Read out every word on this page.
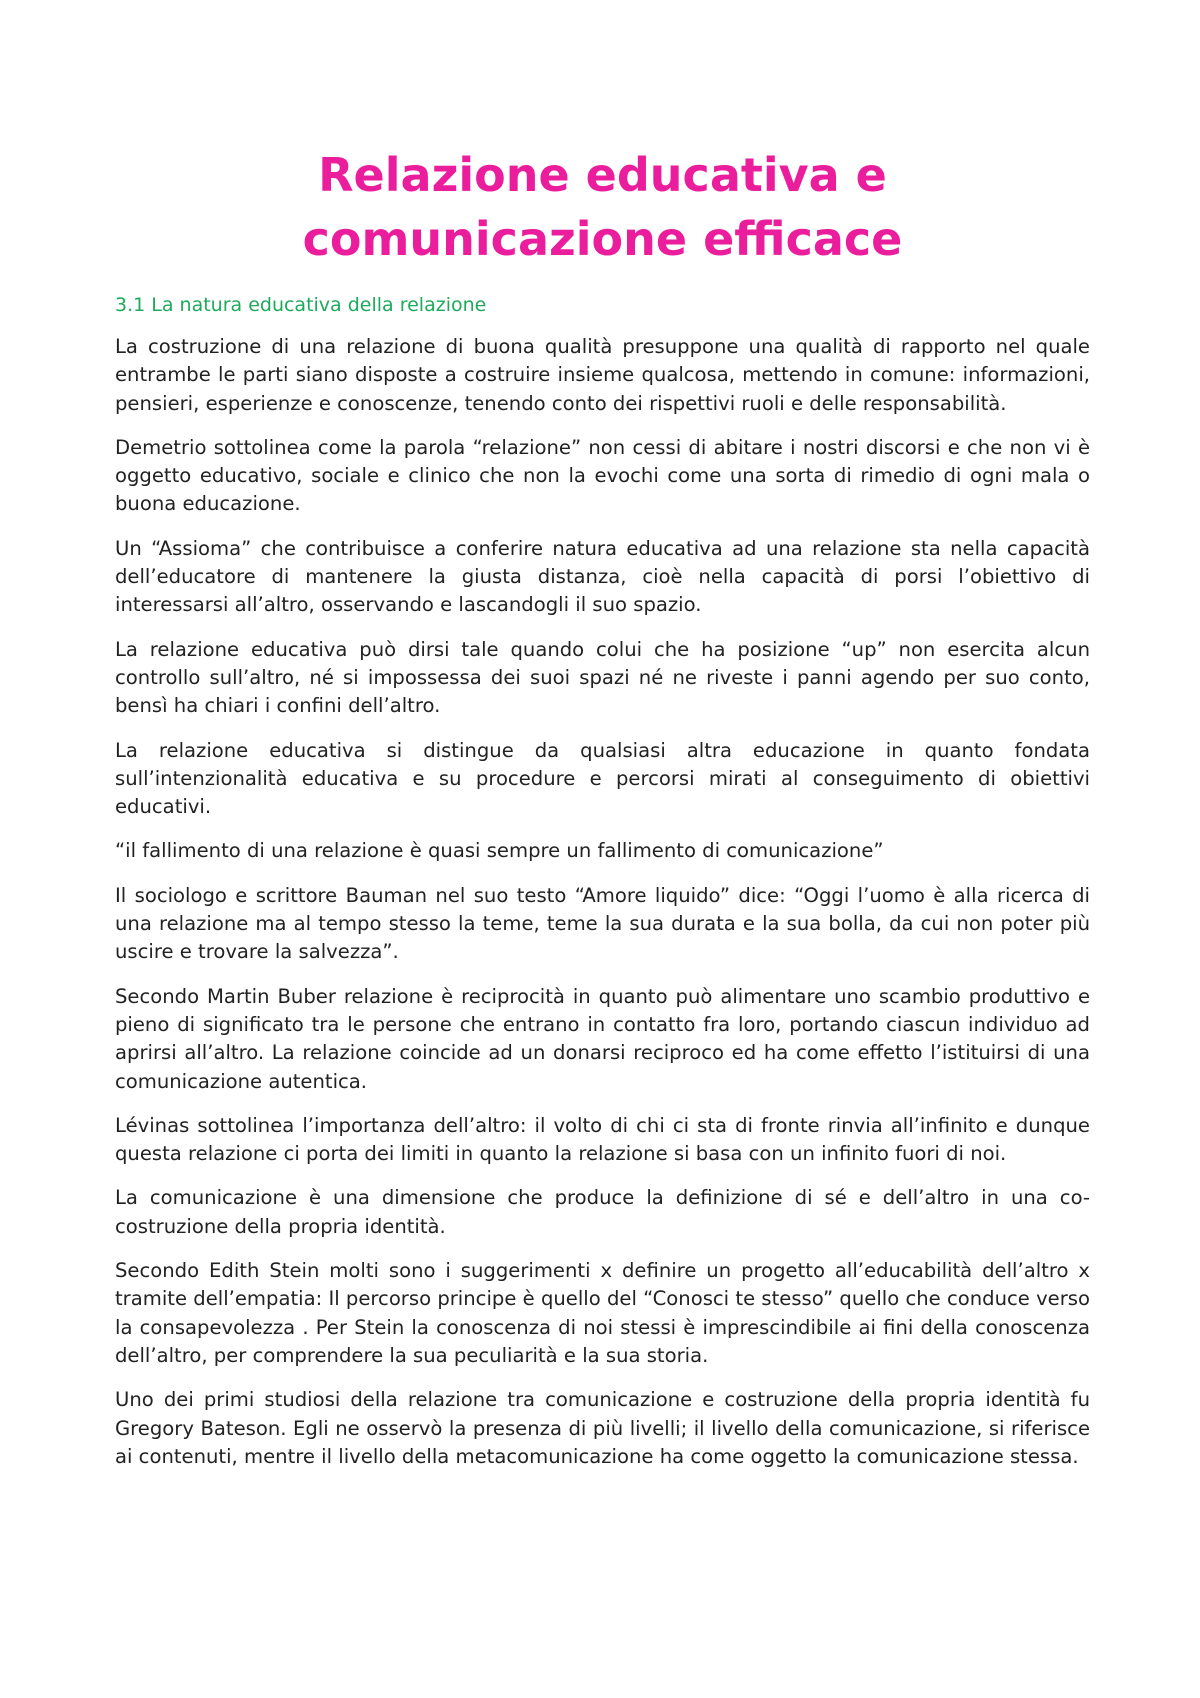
Relazione educativa e
comunicazione efficace
3.1 La natura educativa della relazione

La costruzione di una relazione di buona qualità presuppone una qualità di rapporto nel quale entrambe le parti siano disposte a costruire insieme qualcosa, mettendo in comune: informazioni, pensieri, esperienze e conoscenze, tenendo conto dei rispettivi ruoli e delle responsabilità.

Demetrio sottolinea come la parola “relazione” non cessi di abitare i nostri discorsi e che non vi è oggetto educativo, sociale e clinico che non la evochi come una sorta di rimedio di ogni mala o buona educazione.

Un “Assioma” che contribuisce a conferire natura educativa ad una relazione sta nella capacità dell’educatore di mantenere la giusta distanza, cioè nella capacità di porsi l’obiettivo di interessarsi all’altro, osservando e lascandogli il suo spazio.

La relazione educativa può dirsi tale quando colui che ha posizione “up” non esercita alcun controllo sull’altro, né si impossessa dei suoi spazi né ne riveste i panni agendo per suo conto, bensì ha chiari i confini dell’altro.

La relazione educativa si distingue da qualsiasi altra educazione in quanto fondata sull’intenzionalità educativa e su procedure e percorsi mirati al conseguimento di obiettivi educativi.

“il fallimento di una relazione è quasi sempre un fallimento di comunicazione”

Il sociologo e scrittore Bauman nel suo testo “Amore liquido” dice: “Oggi l’uomo è alla ricerca di una relazione ma al tempo stesso la teme, teme la sua durata e la sua bolla, da cui non poter più uscire e trovare la salvezza”.

Secondo Martin Buber relazione è reciprocità in quanto può alimentare uno scambio produttivo e pieno di significato tra le persone che entrano in contatto fra loro, portando ciascun individuo ad aprirsi all’altro. La relazione coincide ad un donarsi reciproco ed ha come effetto l’istituirsi di una comunicazione autentica.

Lévinas sottolinea l’importanza dell’altro: il volto di chi ci sta di fronte rinvia all’infinito e dunque questa relazione ci porta dei limiti in quanto la relazione si basa con un infinito fuori di noi.

La comunicazione è una dimensione che produce la definizione di sé e dell’altro in una co-costruzione della propria identità.

Secondo Edith Stein molti sono i suggerimenti x definire un progetto all’educabilità dell’altro x tramite dell’empatia: Il percorso principe è quello del “Conosci te stesso” quello che conduce verso la consapevolezza . Per Stein la conoscenza di noi stessi è imprescindibile ai fini della conoscenza dell’altro, per comprendere la sua peculiarità e la sua storia.

Uno dei primi studiosi della relazione tra comunicazione e costruzione della propria identità fu Gregory Bateson. Egli ne osservò la presenza di più livelli; il livello della comunicazione, si riferisce ai contenuti, mentre il livello della metacomunicazione ha come oggetto la comunicazione stessa.
